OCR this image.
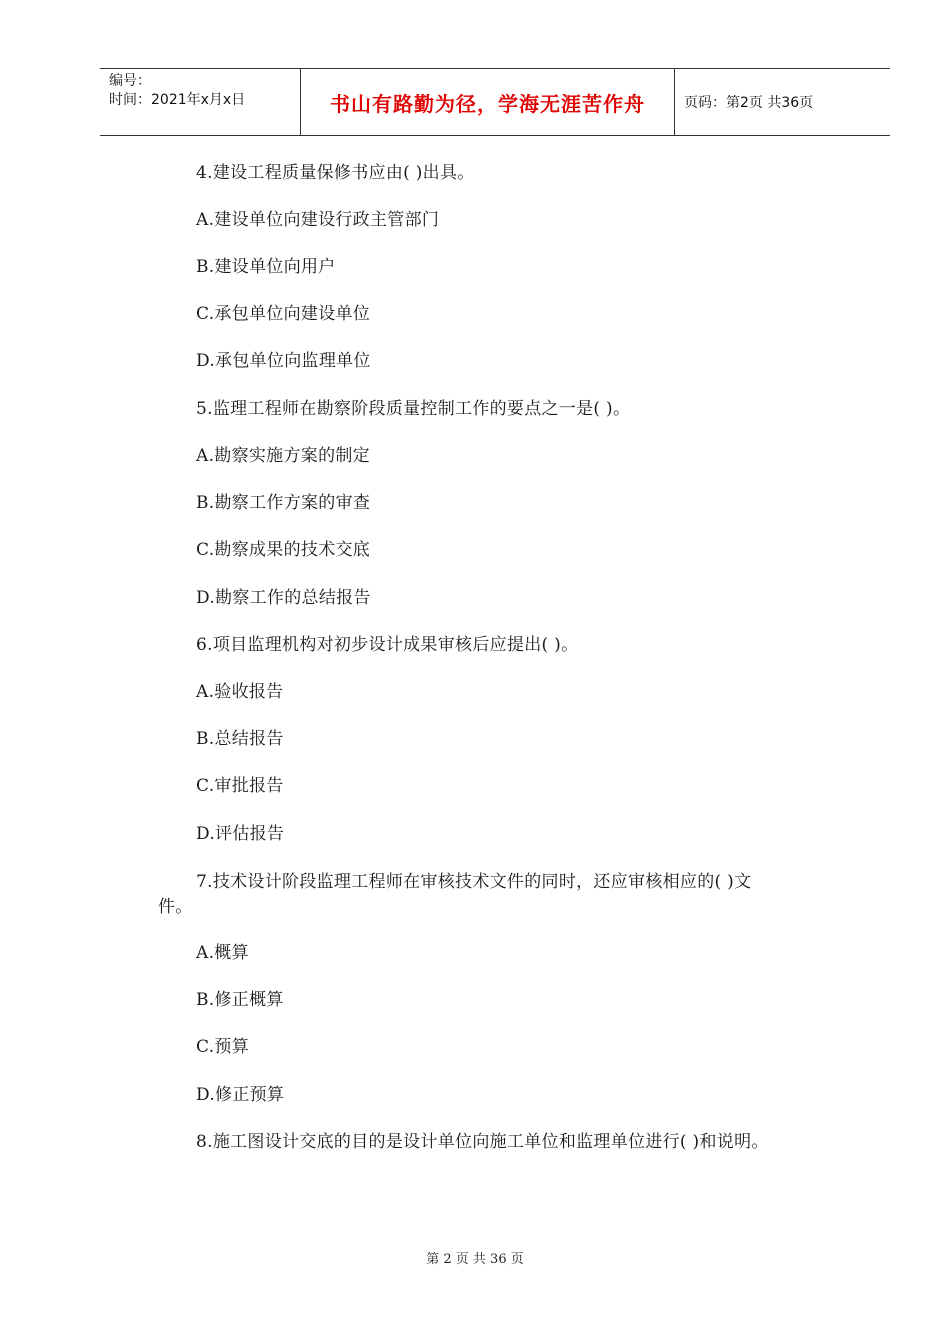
编号：
时间：2021年x月x日	书山有路勤为径，学海无涯苦作舟	页码：第2页 共36页
4.建设工程质量保修书应由( )出具。
A.建设单位向建设行政主管部门
B.建设单位向用户
C.承包单位向建设单位
D.承包单位向监理单位
5.监理工程师在勘察阶段质量控制工作的要点之一是( )。
A.勘察实施方案的制定
B.勘察工作方案的审查
C.勘察成果的技术交底
D.勘察工作的总结报告
6.项目监理机构对初步设计成果审核后应提出( )。
A.验收报告
B.总结报告
C.审批报告
D.评估报告
7.技术设计阶段监理工程师在审核技术文件的同时，还应审核相应的( )文
件。
A.概算
B.修正概算
C.预算
D.修正预算
8.施工图设计交底的目的是设计单位向施工单位和监理单位进行( )和说明。
第 2 页 共 36 页
